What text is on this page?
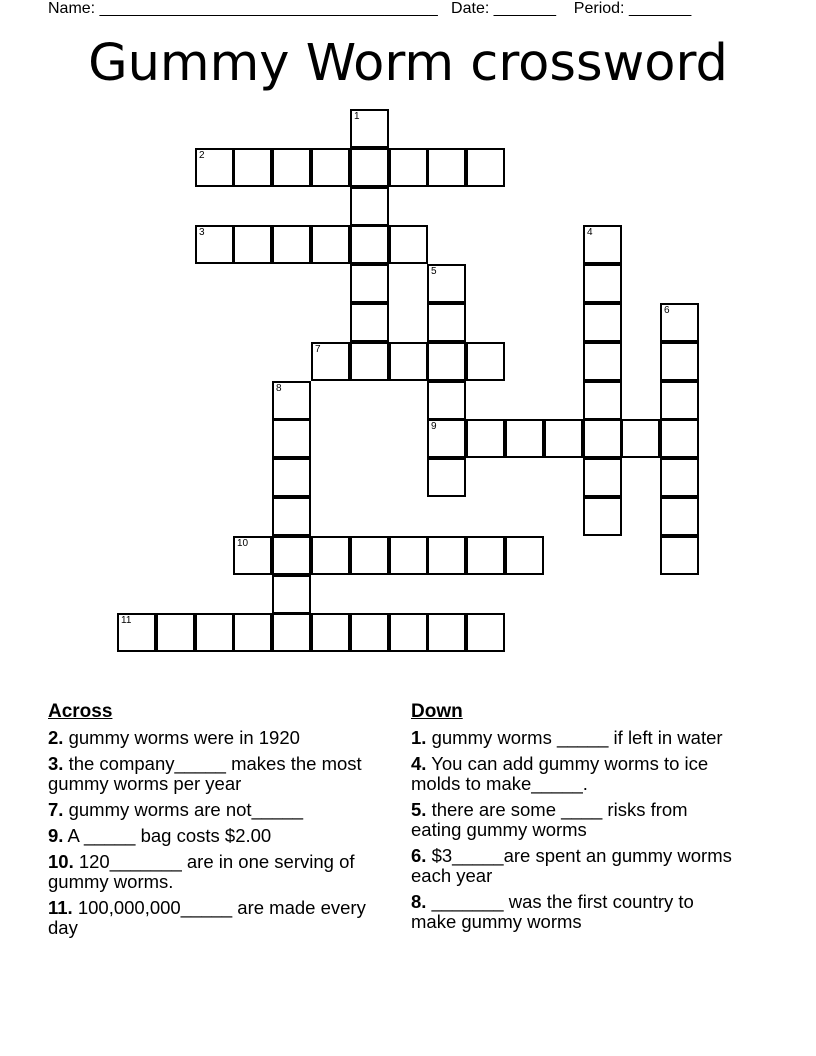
Name: ______________________________________   Date: _______    Period: _______
Gummy Worm crossword
1
2
3	4
5
9
6
7
8
10
11
Across
2. gummy worms were in 1920
3. the company_____ makes the most gummy worms per year
7. gummy worms are not_____
9. A _____ bag costs $2.00
10. 120_______ are in one serving of gummy worms.
11. 100,000,000_____ are made every day
Down
1. gummy worms _____ if left in water
4. You can add gummy worms to ice molds to make_____.
5. there are some ____ risks from eating gummy worms
6. $3_____are spent an gummy worms each year
8. _______ was the first country to make gummy worms
